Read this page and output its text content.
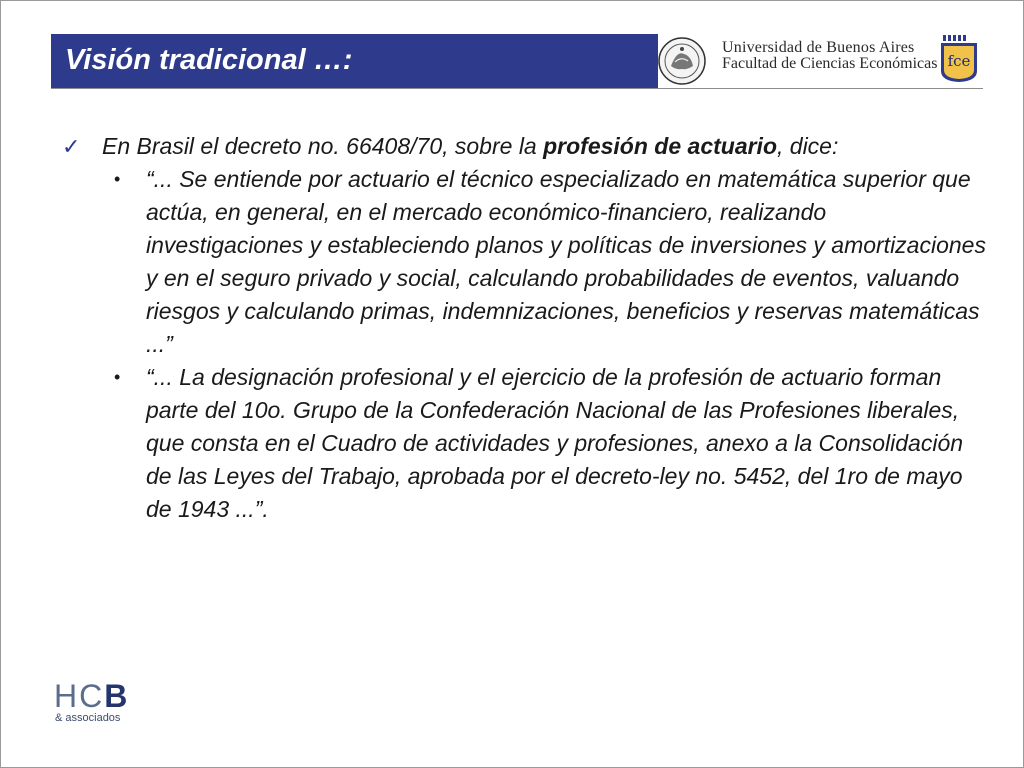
Visión tradicional …:	Universidad de Buenos Aires
Facultad de Ciencias Económicas fce
✓ En Brasil el decreto no. 66408/70, sobre la profesión de actuario, dice:
• “... Se entiende por actuario el técnico especializado en matemática superior que actúa, en general, en el mercado económico-financiero, realizando investigaciones y estableciendo planos y políticas de inversiones y amortizaciones y en el seguro privado y social, calculando probabilidades de eventos, valuando riesgos y calculando primas, indemnizaciones, beneficios y reservas matemáticas ...”
• “... La designación profesional y el ejercicio de la profesión de actuario forman parte del 10o. Grupo de la Confederación Nacional de las Profesiones liberales, que consta en el Cuadro de actividades y profesiones, anexo a la Consolidación de las Leyes del Trabajo, aprobada por el decreto-ley no. 5452, del 1ro de mayo de 1943 ...”.
HCB
& associados
